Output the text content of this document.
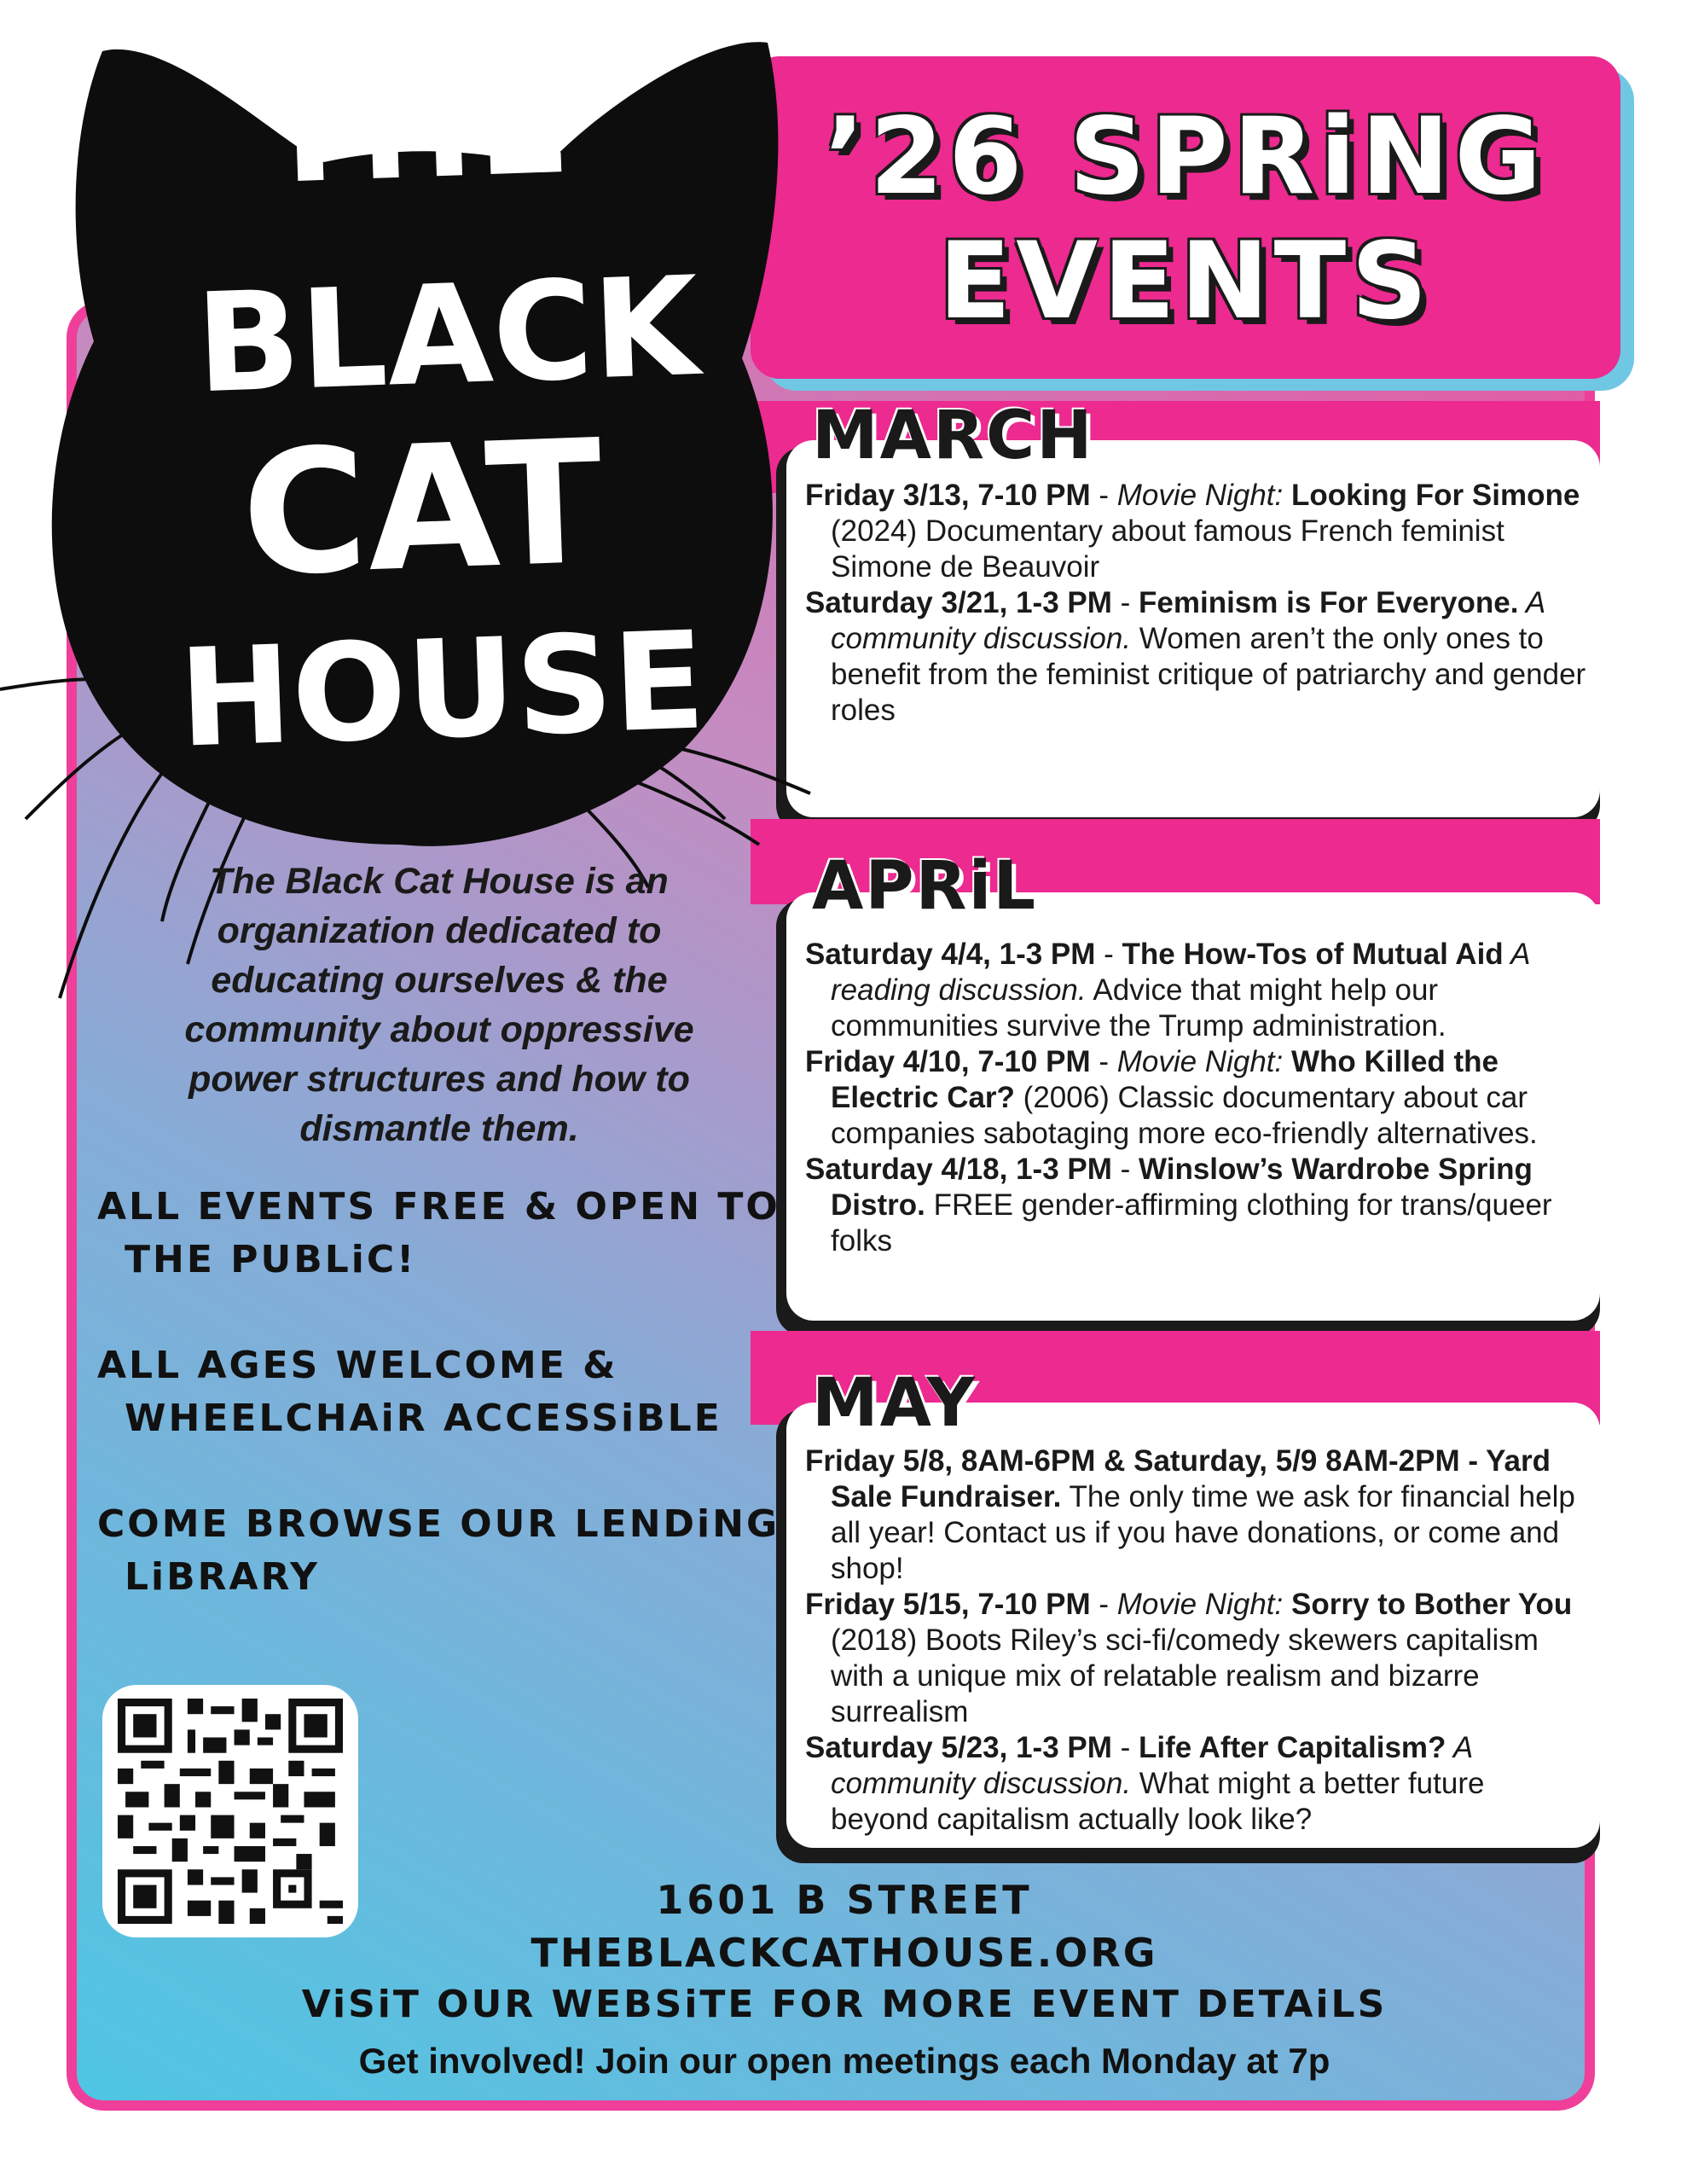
’26 SPRiNG
EVENTS
MARCH

Friday 3/13, 7-10 PM - Movie Night: Looking For Simone (2024) Documentary about famous French feminist Simone de Beauvoir

Saturday 3/21, 1-3 PM - Feminism is For Everyone. A community discussion. Women aren’t the only ones to benefit from the feminist critique of patriarchy and gender roles

APRiL

Saturday 4/4, 1-3 PM - The How-Tos of Mutual Aid A reading discussion. Advice that might help our communities survive the Trump administration.

Friday 4/10, 7-10 PM - Movie Night: Who Killed the Electric Car? (2006) Classic documentary about car companies sabotaging more eco-friendly alternatives.

Saturday 4/18, 1-3 PM - Winslow’s Wardrobe Spring Distro. FREE gender-affirming clothing for trans/queer folks

MAY

Friday 5/8, 8AM-6PM & Saturday, 5/9 8AM-2PM - Yard Sale Fundraiser. The only time we ask for financial help all year! Contact us if you have donations, or come and shop!

Friday 5/15, 7-10 PM - Movie Night: Sorry to Bother You (2018) Boots Riley’s sci-fi/comedy skewers capitalism with a unique mix of relatable realism and bizarre surrealism

Saturday 5/23, 1-3 PM - Life After Capitalism? A community discussion. What might a better future beyond capitalism actually look like?

THE
BLACK
CAT
HOUSE
The Black Cat House is an organization dedicated to educating ourselves & the community about oppressive power structures and how to dismantle them.
ALL EVENTS FREE & OPEN TO
THE PUBLiC!
ALL AGES WELCOME &
WHEELCHAiR ACCESSiBLE
COME BROWSE OUR LENDiNG
LiBRARY
1601 B STREET
THEBLACKCATHOUSE.ORG
ViSiT OUR WEBSiTE FOR MORE EVENT DETAiLS
Get involved! Join our open meetings each Monday at 7p
